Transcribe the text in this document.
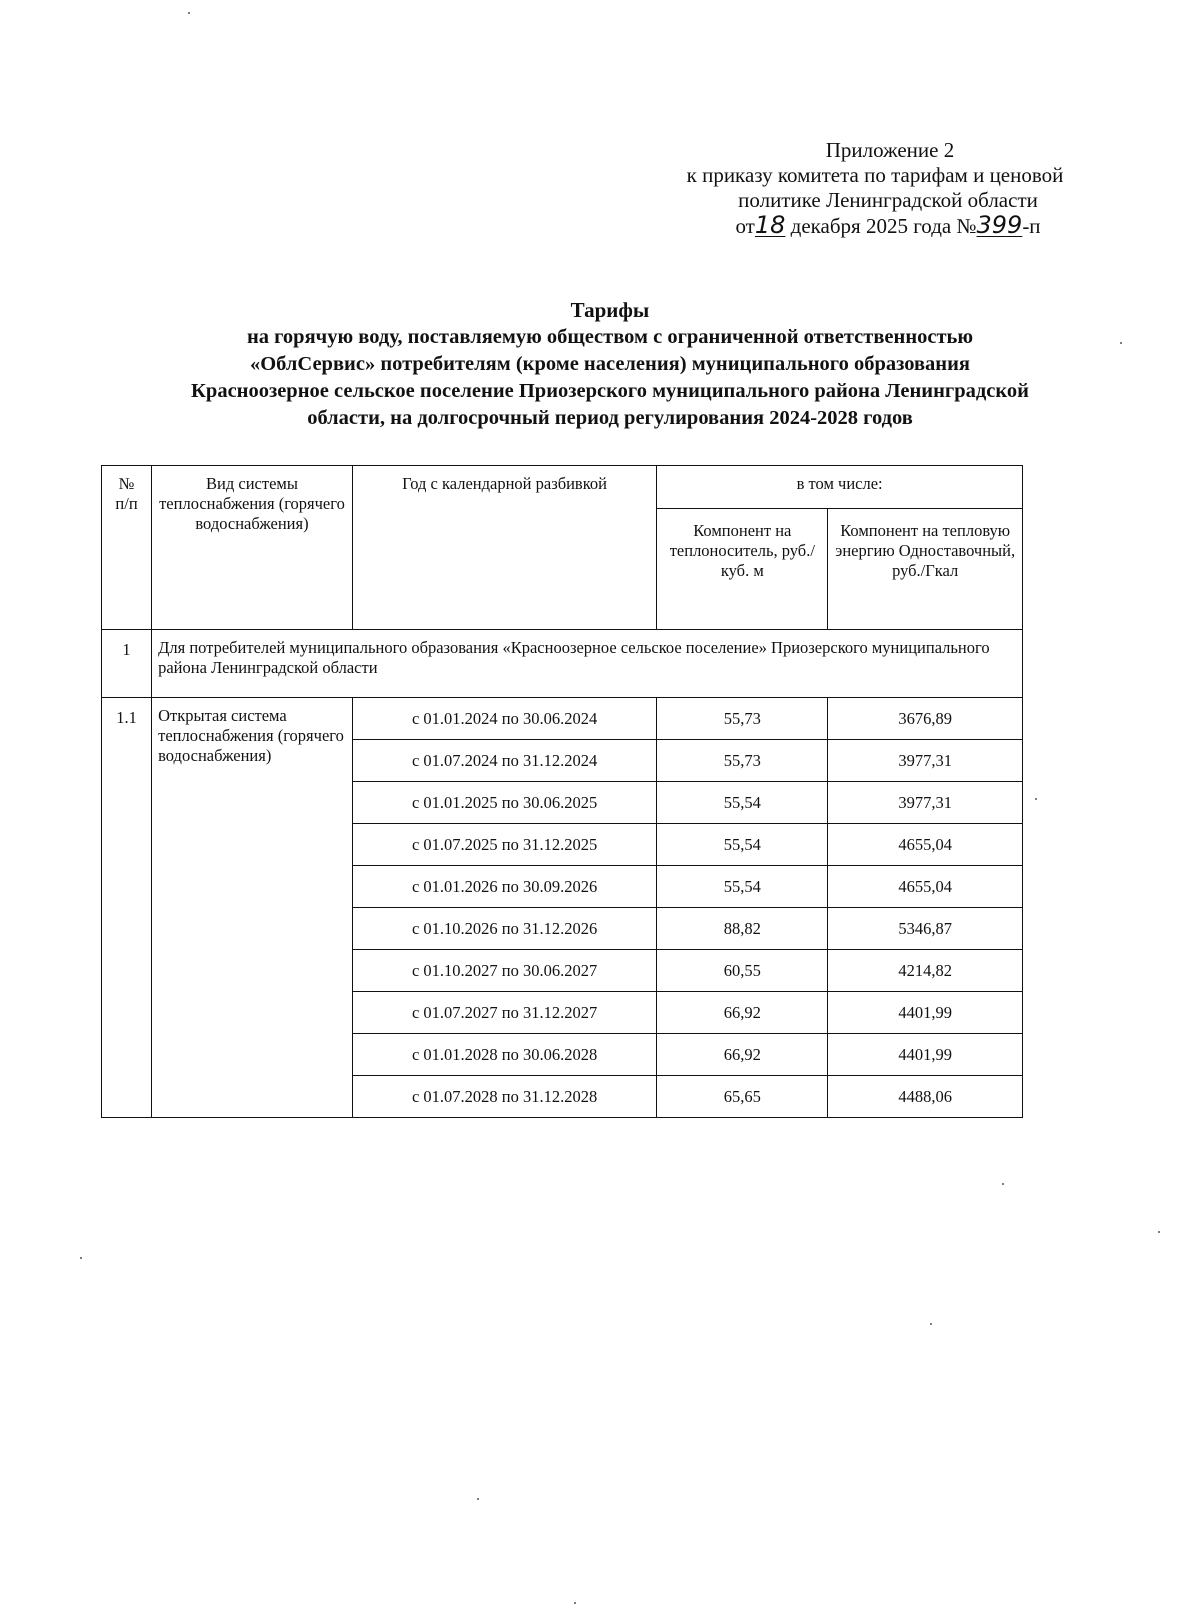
Приложение 2
к приказу комитета по тарифам и ценовой
политике Ленинградской области
от18 декабря 2025 года №399-п
Тарифы
на горячую воду, поставляемую обществом с ограниченной ответственностью
«ОблСервис» потребителям (кроме населения) муниципального образования
Красноозерное сельское поселение Приозерского муниципального района Ленинградской
области, на долгосрочный период регулирования 2024-2028 годов
№
п/п	Вид системы теплоснабжения (горячего водоснабжения)	Год с календарной разбивкой	в том числе:	
			Компонент на теплоноситель, руб./куб. м	Компонент на тепловую энергию Одноставочный, руб./Гкал
1	Для потребителей муниципального образования «Красноозерное сельское поселение» Приозерского муниципального района Ленинградской области			
1.1	Открытая система теплоснабжения (горячего водоснабжения)	с 01.01.2024 по 30.06.2024	55,73	3676,89
		с 01.07.2024 по 31.12.2024	55,73	3977,31
		с 01.01.2025 по 30.06.2025	55,54	3977,31
		с 01.07.2025 по 31.12.2025	55,54	4655,04
		с 01.01.2026 по 30.09.2026	55,54	4655,04
		с 01.10.2026 по 31.12.2026	88,82	5346,87
		с 01.10.2027 по 30.06.2027	60,55	4214,82
		с 01.07.2027 по 31.12.2027	66,92	4401,99
		с 01.01.2028 по 30.06.2028	66,92	4401,99
		с 01.07.2028 по 31.12.2028	65,65	4488,06
